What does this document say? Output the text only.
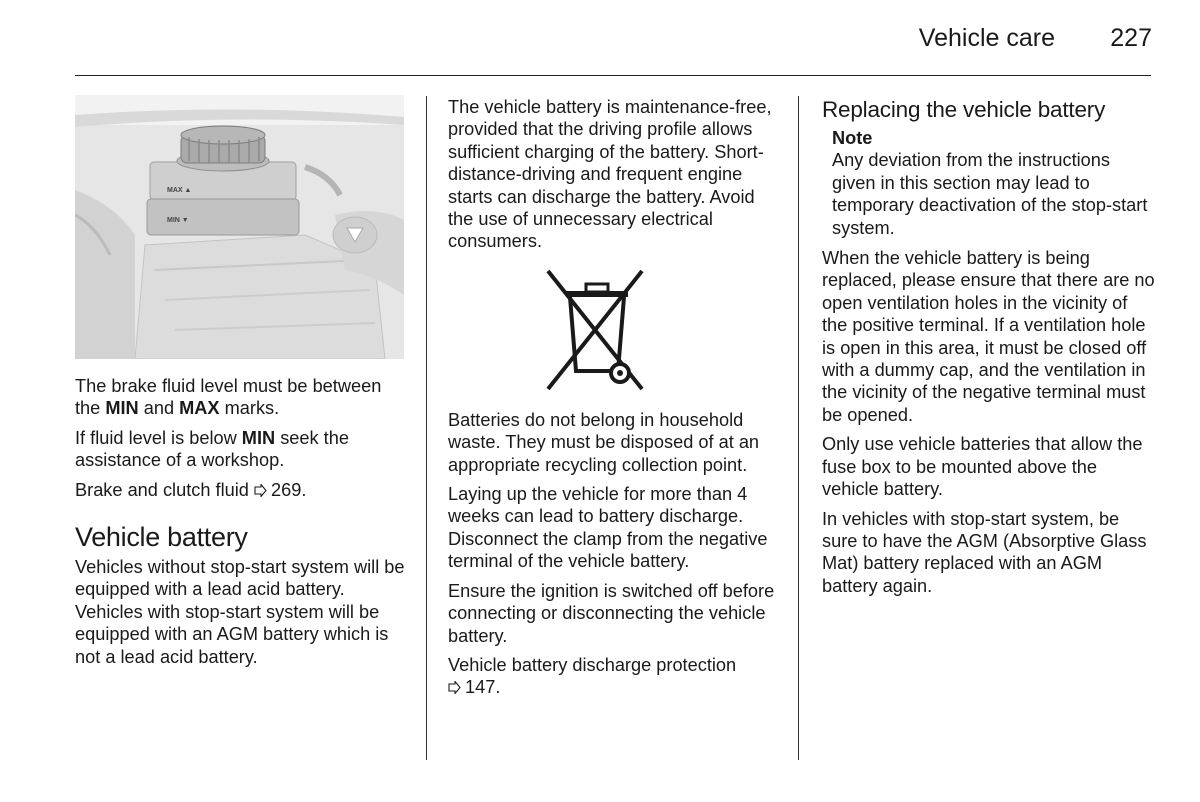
Vehicle care	227
MAX ▲
MIN ▼

The brake fluid level must be between the MIN and MAX marks.

If fluid level is below MIN seek the assistance of a workshop.

Brake and clutch fluid 269.

Vehicle battery

Vehicles without stop-start system will be equipped with a lead acid battery. Vehicles with stop-start system will be equipped with an AGM battery which is not a lead acid battery.

The vehicle battery is maintenance-free, provided that the driving profile allows sufficient charging of the battery. Short-distance-driving and frequent engine starts can discharge the battery. Avoid the use of unnecessary electrical consumers.

Batteries do not belong in household waste. They must be disposed of at an appropriate recycling collection point.

Laying up the vehicle for more than 4 weeks can lead to battery discharge. Disconnect the clamp from the negative terminal of the vehicle battery.

Ensure the ignition is switched off before connecting or disconnecting the vehicle battery.

Vehicle battery discharge protection
147.

Replacing the vehicle battery
Note
Any deviation from the instructions given in this section may lead to temporary deactivation of the stop-start system.

When the vehicle battery is being replaced, please ensure that there are no open ventilation holes in the vicinity of the positive terminal. If a ventilation hole is open in this area, it must be closed off with a dummy cap, and the ventilation in the vicinity of the negative terminal must be opened.

Only use vehicle batteries that allow the fuse box to be mounted above the vehicle battery.

In vehicles with stop-start system, be sure to have the AGM (Absorptive Glass Mat) battery replaced with an AGM battery again.
